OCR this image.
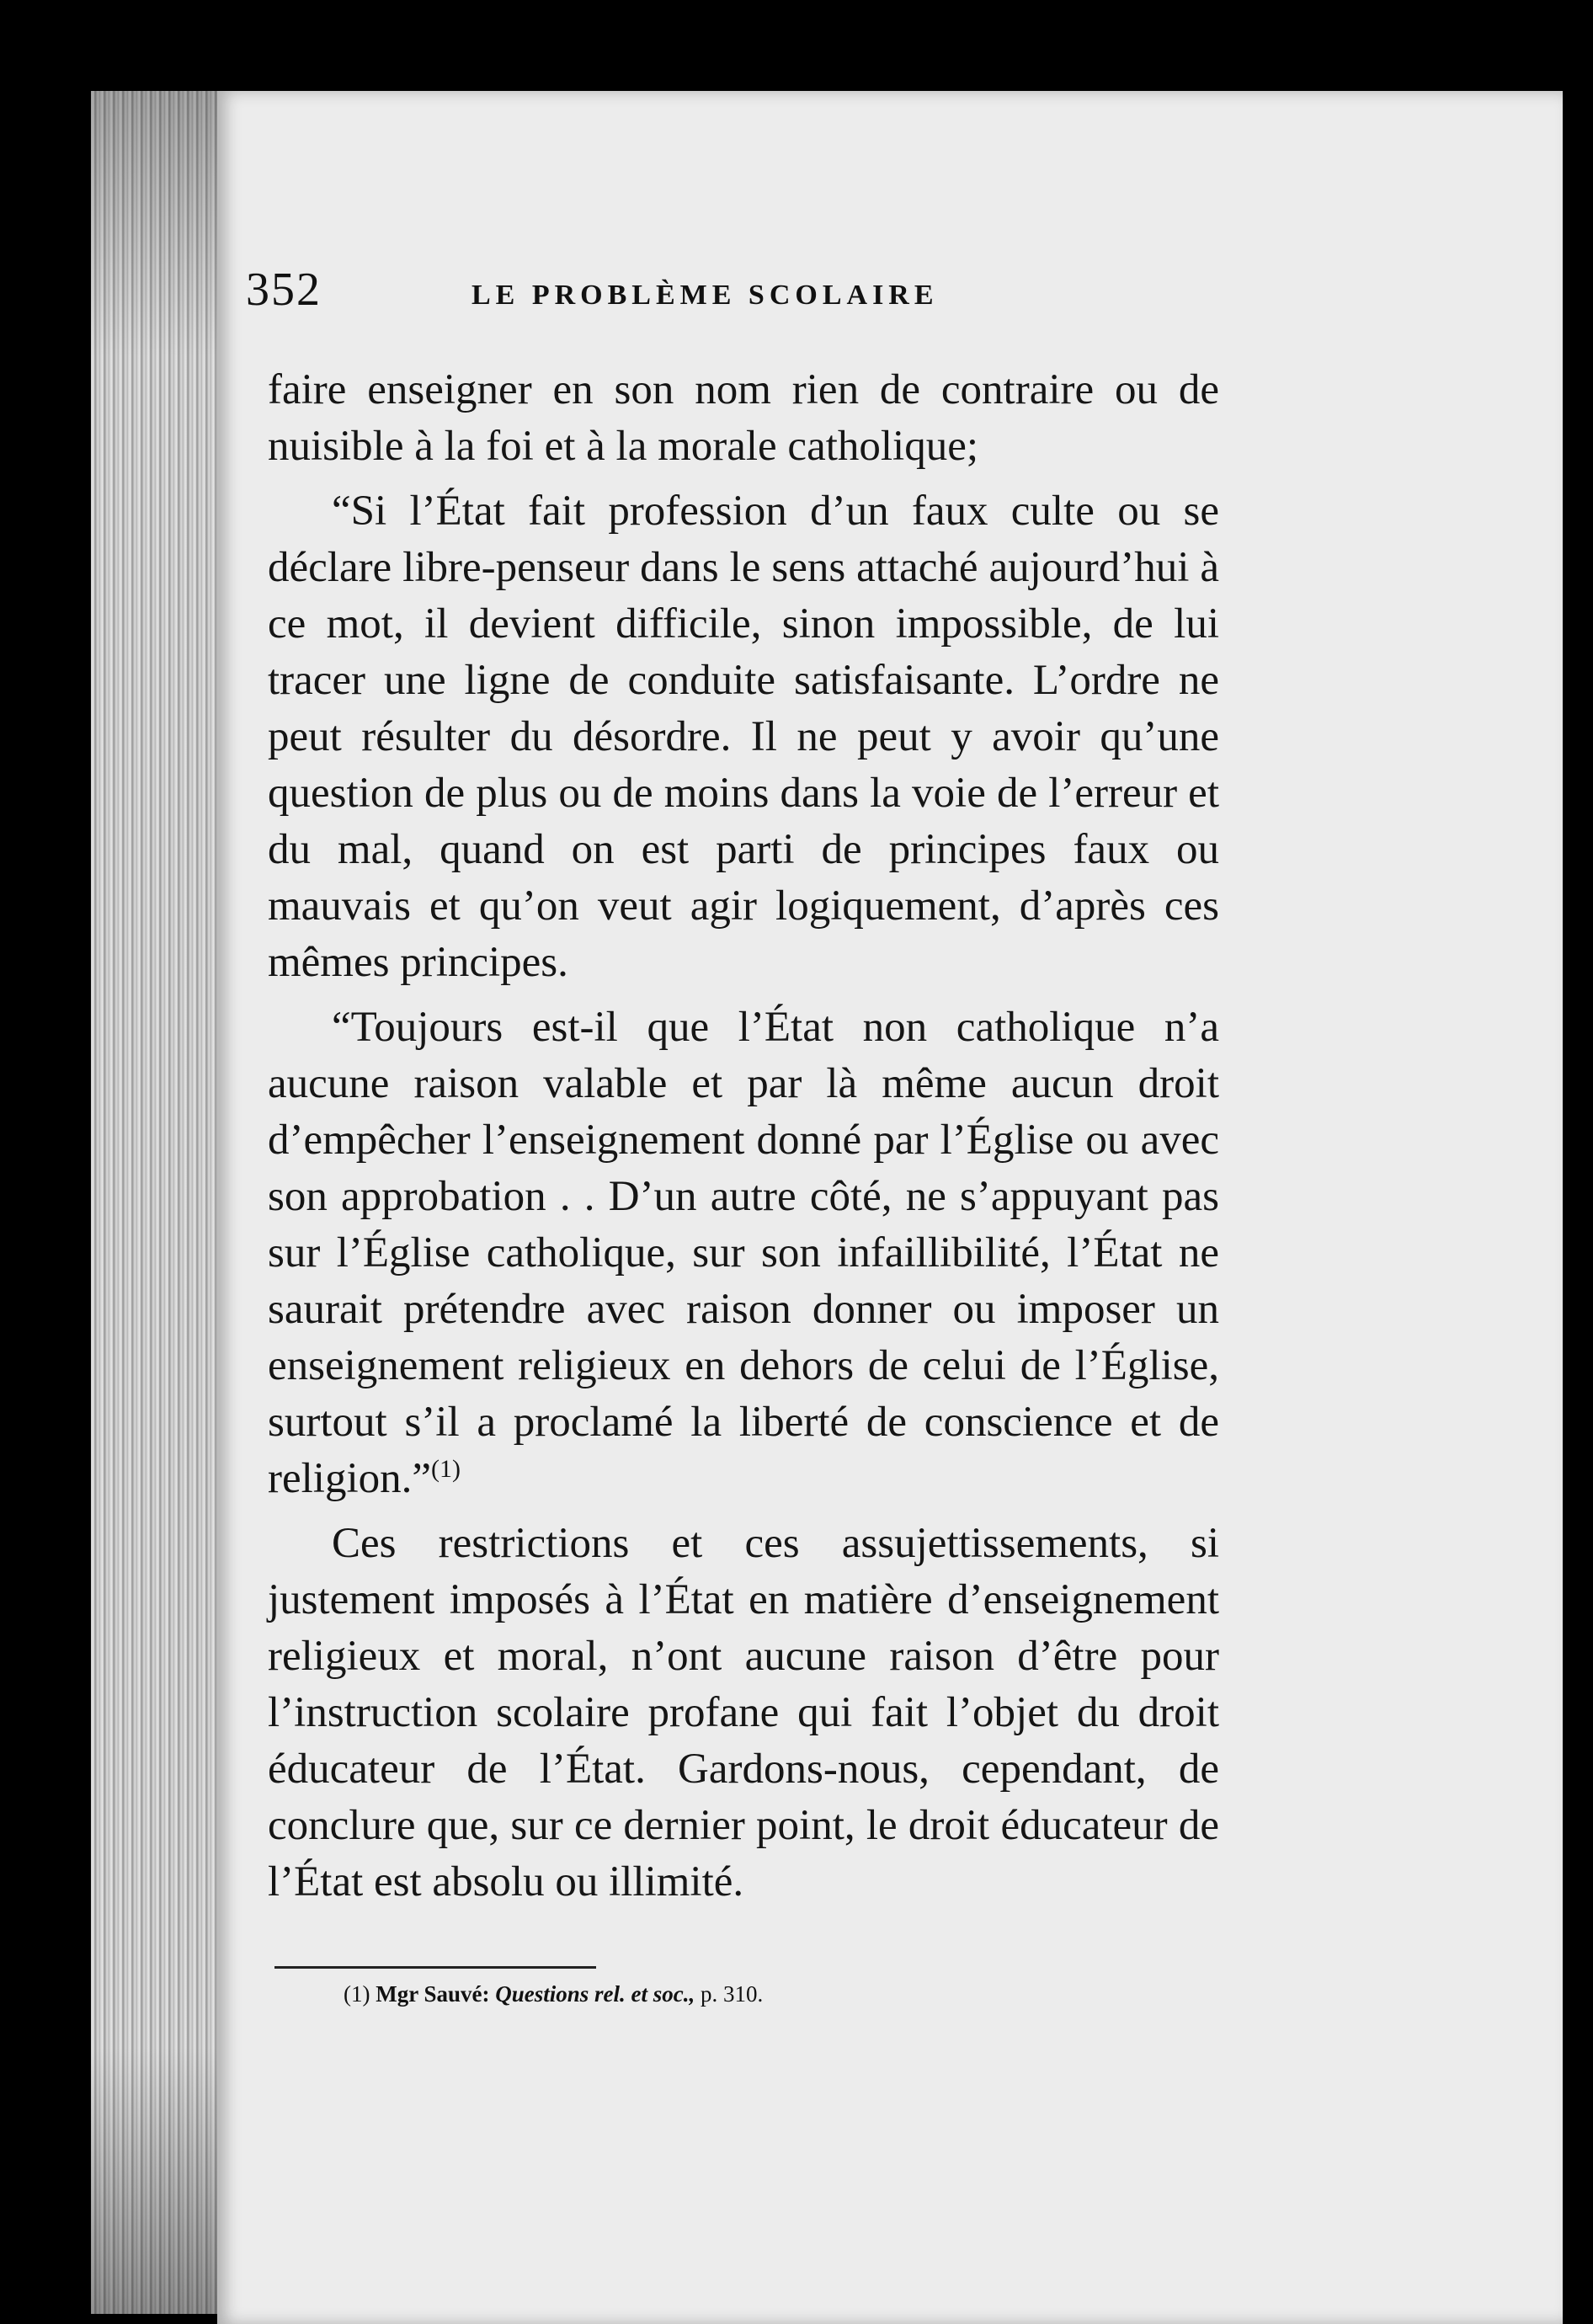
352	LE PROBLÈME SCOLAIRE

faire enseigner en son nom rien de contraire ou de nuisible à la foi et à la morale catholique;

“Si l’État fait profession d’un faux culte ou se déclare libre-penseur dans le sens attaché aujourd’hui à ce mot, il devient difficile, sinon impossible, de lui tracer une ligne de conduite satisfaisante. L’ordre ne peut résulter du désordre. Il ne peut y avoir qu’une question de plus ou de moins dans la voie de l’erreur et du mal, quand on est parti de principes faux ou mauvais et qu’on veut agir logiquement, d’après ces mêmes principes.

“Toujours est-il que l’État non catholique n’a aucune raison valable et par là même aucun droit d’empêcher l’enseignement donné par l’Église ou avec son approbation . . D’un autre côté, ne s’appuyant pas sur l’Église catholique, sur son infaillibilité, l’État ne saurait prétendre avec raison donner ou imposer un enseignement religieux en dehors de celui de l’Église, surtout s’il a proclamé la liberté de conscience et de religion.”$^{(1)}$

Ces restrictions et ces assujettissements, si justement imposés à l’État en matière d’enseignement religieux et moral, n’ont aucune raison d’être pour l’instruction scolaire profane qui fait l’objet du droit éducateur de l’État. Gardons-nous, cependant, de conclure que, sur ce dernier point, le droit éducateur de l’État est absolu ou illimité.

(1) Mgr Sauvé: Questions rel. et soc., p. 310.
